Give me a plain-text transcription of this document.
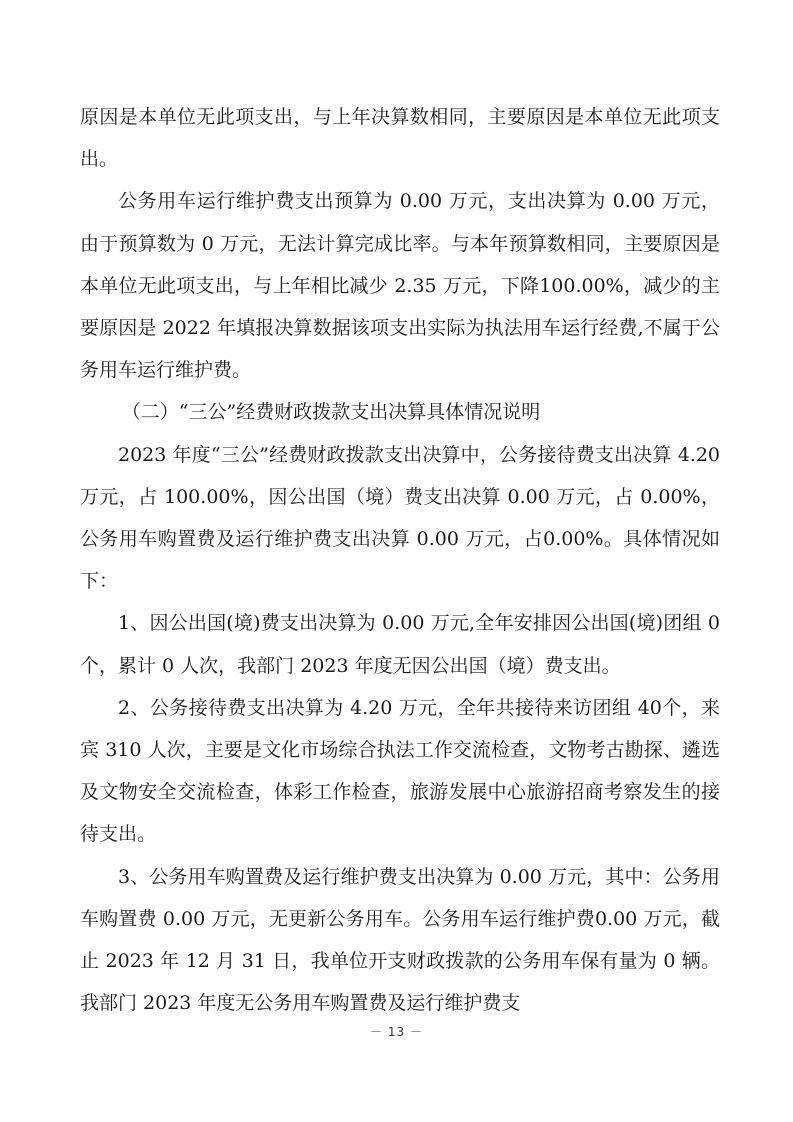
原因是本单位无此项支出，与上年决算数相同，主要原因是本单位无此项支出。

公务用车运行维护费支出预算为 0.00 万元，支出决算为 0.00 万元，由于预算数为 0 万元，无法计算完成比率。与本年预算数相同，主要原因是本单位无此项支出，与上年相比减少 2.35 万元，下降100.00%，减少的主要原因是 2022 年填报决算数据该项支出实际为执法用车运行经费,不属于公务用车运行维护费。

（二）“三公”经费财政拨款支出决算具体情况说明

2023 年度“三公”经费财政拨款支出决算中，公务接待费支出决算 4.20 万元，占 100.00%，因公出国（境）费支出决算 0.00 万元，占 0.00%，公务用车购置费及运行维护费支出决算 0.00 万元，占0.00%。具体情况如下：

1、因公出国(境)费支出决算为 0.00 万元,全年安排因公出国(境)团组 0 个，累计 0 人次，我部门 2023 年度无因公出国（境）费支出。

2、公务接待费支出决算为 4.20 万元，全年共接待来访团组 40个，来宾 310 人次，主要是文化市场综合执法工作交流检查，文物考古勘探、遴选及文物安全交流检查，体彩工作检查，旅游发展中心旅游招商考察发生的接待支出。

3、公务用车购置费及运行维护费支出决算为 0.00 万元，其中：公务用车购置费 0.00 万元，无更新公务用车。公务用车运行维护费0.00 万元，截止 2023 年 12 月 31 日，我单位开支财政拨款的公务用车保有量为 0 辆。我部门 2023 年度无公务用车购置费及运行维护费支

－ 13 －
